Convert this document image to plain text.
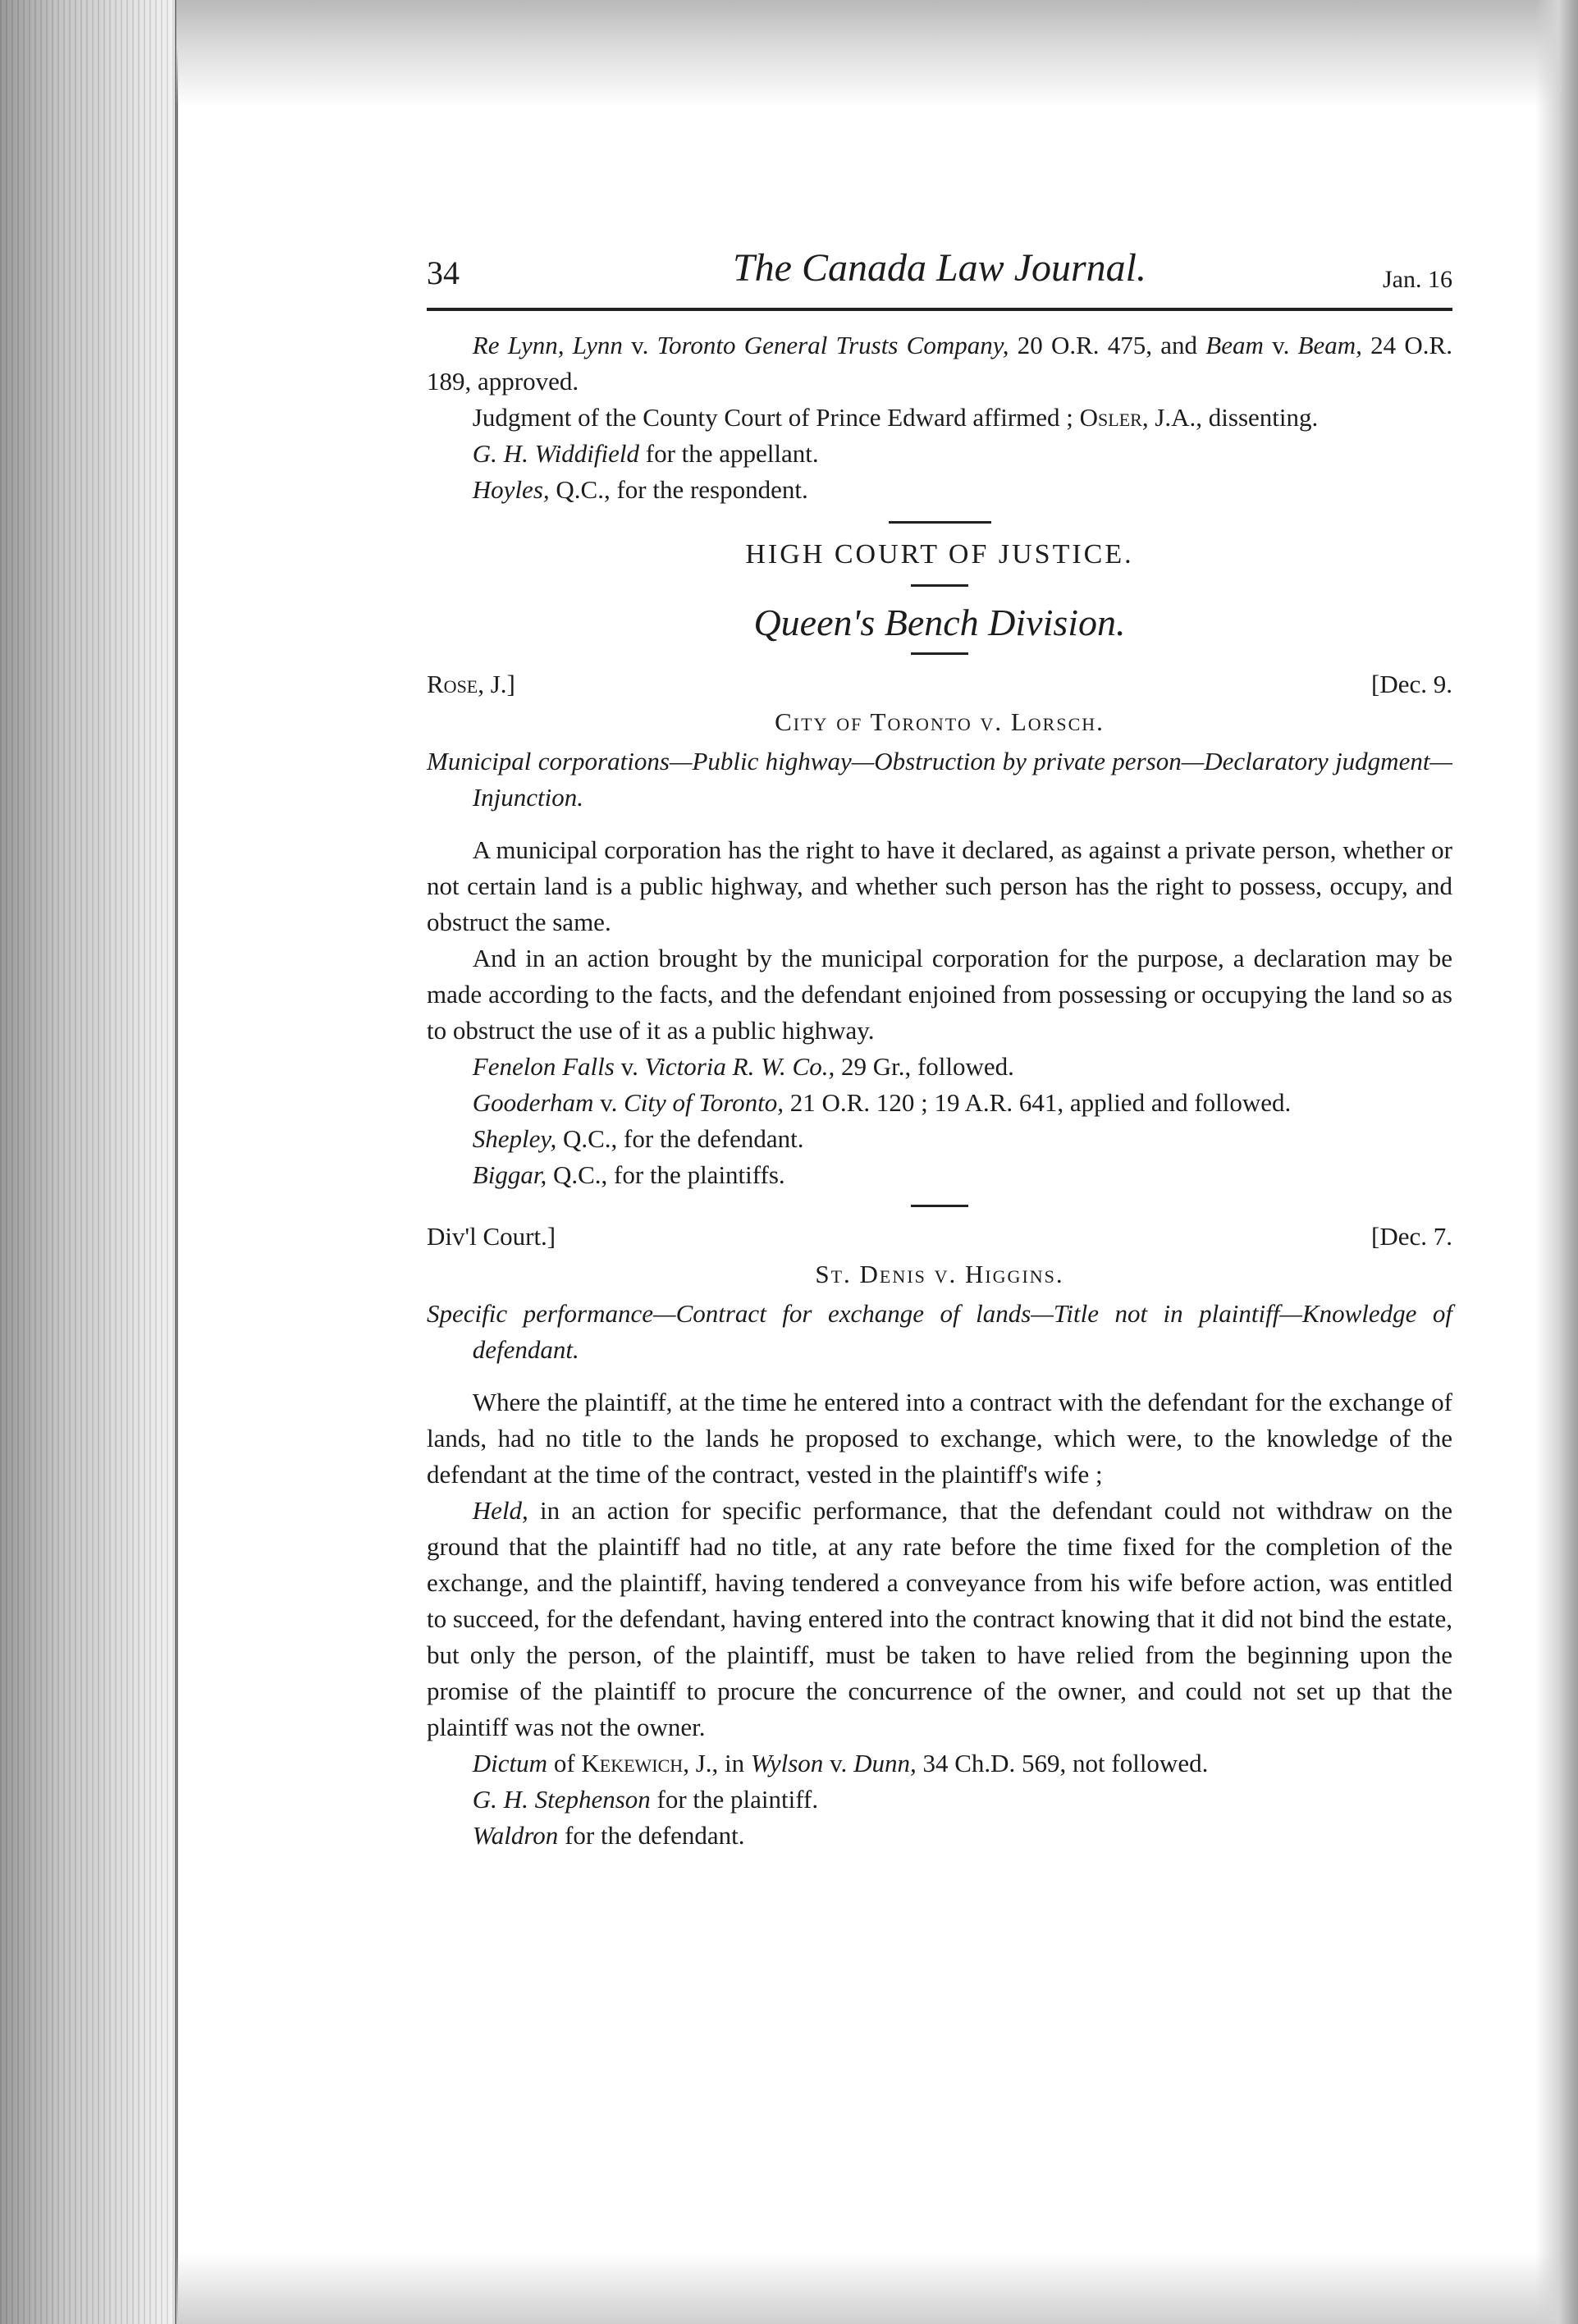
34	The Canada Law Journal.	Jan. 16

Re Lynn, Lynn v. Toronto General Trusts Company, 20 O.R. 475, and Beam v. Beam, 24 O.R. 189, approved.

Judgment of the County Court of Prince Edward affirmed ; Osler, J.A., dissenting.

G. H. Widdifield for the appellant.

Hoyles, Q.C., for the respondent.

HIGH COURT OF JUSTICE.
Queen's Bench Division.
Rose, J.]	[Dec. 9.
City of Toronto v. Lorsch.

Municipal corporations—Public highway—Obstruction by private person—Declaratory judgment—Injunction.

A municipal corporation has the right to have it declared, as against a private person, whether or not certain land is a public highway, and whether such person has the right to possess, occupy, and obstruct the same.

And in an action brought by the municipal corporation for the purpose, a declaration may be made according to the facts, and the defendant enjoined from possessing or occupying the land so as to obstruct the use of it as a public highway.

Fenelon Falls v. Victoria R. W. Co., 29 Gr., followed.

Gooderham v. City of Toronto, 21 O.R. 120 ; 19 A.R. 641, applied and followed.

Shepley, Q.C., for the defendant.

Biggar, Q.C., for the plaintiffs.

Div'l Court.]	[Dec. 7.
St. Denis v. Higgins.

Specific performance—Contract for exchange of lands—Title not in plaintiff—Knowledge of defendant.

Where the plaintiff, at the time he entered into a contract with the defendant for the exchange of lands, had no title to the lands he proposed to exchange, which were, to the knowledge of the defendant at the time of the contract, vested in the plaintiff's wife ;

Held, in an action for specific performance, that the defendant could not withdraw on the ground that the plaintiff had no title, at any rate before the time fixed for the completion of the exchange, and the plaintiff, having tendered a conveyance from his wife before action, was entitled to succeed, for the defendant, having entered into the contract knowing that it did not bind the estate, but only the person, of the plaintiff, must be taken to have relied from the beginning upon the promise of the plaintiff to procure the concurrence of the owner, and could not set up that the plaintiff was not the owner.

Dictum of Kekewich, J., in Wylson v. Dunn, 34 Ch.D. 569, not followed.

G. H. Stephenson for the plaintiff.

Waldron for the defendant.
